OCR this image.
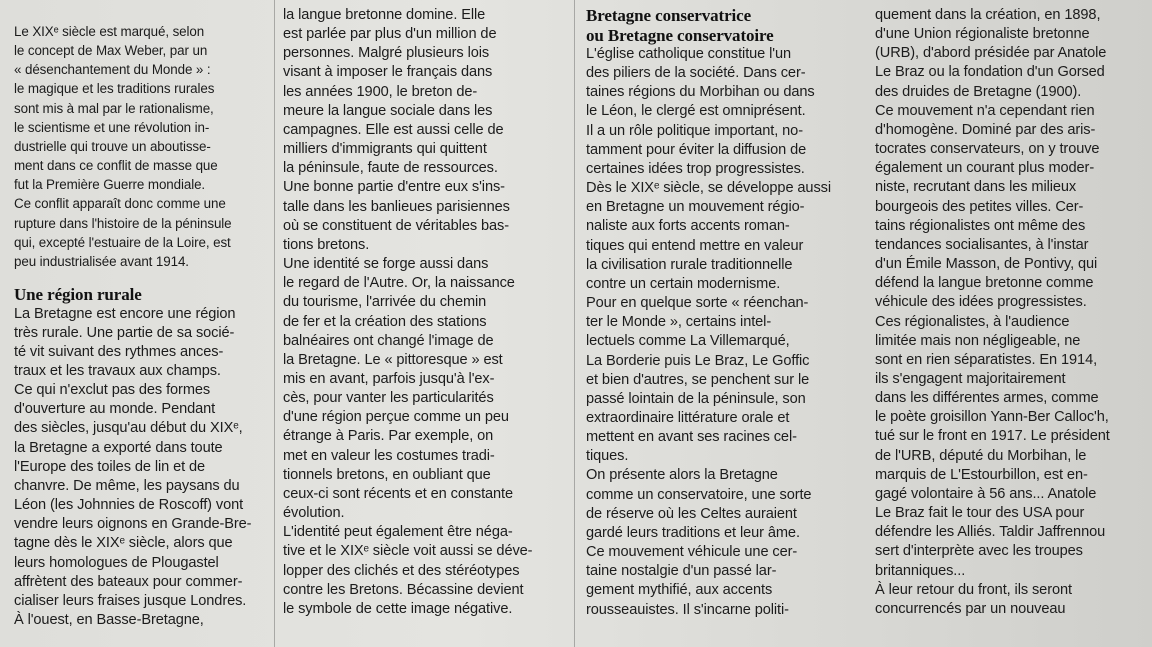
Le XIXᵉ siècle est marqué, selon
le concept de Max Weber, par un
« désenchantement du Monde » :
le magique et les traditions rurales
sont mis à mal par le rationalisme,
le scientisme et une révolution in-
dustrielle qui trouve un aboutisse-
ment dans ce conflit de masse que
fut la Première Guerre mondiale.

Ce conflit apparaît donc comme une
rupture dans l'histoire de la péninsule
qui, excepté l'estuaire de la Loire, est
peu industrialisée avant 1914.

Une région rurale

La Bretagne est encore une région
très rurale. Une partie de sa socié-
té vit suivant des rythmes ances-
traux et les travaux aux champs.
Ce qui n'exclut pas des formes
d'ouverture au monde. Pendant
des siècles, jusqu'au début du XIXᵉ,
la Bretagne a exporté dans toute
l'Europe des toiles de lin et de
chanvre. De même, les paysans du
Léon (les Johnnies de Roscoff) vont
vendre leurs oignons en Grande-Bre-
tagne dès le XIXᵉ siècle, alors que
leurs homologues de Plougastel
affrètent des bateaux pour commer-
cialiser leurs fraises jusque Londres.
À l'ouest, en Basse-Bretagne,

la langue bretonne domine. Elle
est parlée par plus d'un million de
personnes. Malgré plusieurs lois
visant à imposer le français dans
les années 1900, le breton de-
meure la langue sociale dans les
campagnes. Elle est aussi celle de
milliers d'immigrants qui quittent
la péninsule, faute de ressources.
Une bonne partie d'entre eux s'ins-
talle dans les banlieues parisiennes
où se constituent de véritables bas-
tions bretons.

Une identité se forge aussi dans
le regard de l'Autre. Or, la naissance
du tourisme, l'arrivée du chemin
de fer et la création des stations
balnéaires ont changé l'image de
la Bretagne. Le « pittoresque » est
mis en avant, parfois jusqu'à l'ex-
cès, pour vanter les particularités
d'une région perçue comme un peu
étrange à Paris. Par exemple, on
met en valeur les costumes tradi-
tionnels bretons, en oubliant que
ceux-ci sont récents et en constante
évolution.

L'identité peut également être néga-
tive et le XIXᵉ siècle voit aussi se déve-
lopper des clichés et des stéréotypes
contre les Bretons. Bécassine devient
le symbole de cette image négative.

Bretagne conservatrice
ou Bretagne conservatoire

L'église catholique constitue l'un
des piliers de la société. Dans cer-
taines régions du Morbihan ou dans
le Léon, le clergé est omniprésent.
Il a un rôle politique important, no-
tamment pour éviter la diffusion de
certaines idées trop progressistes.

Dès le XIXᵉ siècle, se développe aussi
en Bretagne un mouvement régio-
naliste aux forts accents roman-
tiques qui entend mettre en valeur
la civilisation rurale traditionnelle
contre un certain modernisme.
Pour en quelque sorte « réenchan-
ter le Monde », certains intel-
lectuels comme La Villemarqué,
La Borderie puis Le Braz, Le Goffic
et bien d'autres, se penchent sur le
passé lointain de la péninsule, son
extraordinaire littérature orale et
mettent en avant ses racines cel-
tiques.

On présente alors la Bretagne
comme un conservatoire, une sorte
de réserve où les Celtes auraient
gardé leurs traditions et leur âme.
Ce mouvement véhicule une cer-
taine nostalgie d'un passé lar-
gement mythifié, aux accents
rousseauistes. Il s'incarne politi-

quement dans la création, en 1898,
d'une Union régionaliste bretonne
(URB), d'abord présidée par Anatole
Le Braz ou la fondation d'un Gorsed
des druides de Bretagne (1900).
Ce mouvement n'a cependant rien
d'homogène. Dominé par des aris-
tocrates conservateurs, on y trouve
également un courant plus moder-
niste, recrutant dans les milieux
bourgeois des petites villes. Cer-
tains régionalistes ont même des
tendances socialisantes, à l'instar
d'un Émile Masson, de Pontivy, qui
défend la langue bretonne comme
véhicule des idées progressistes.

Ces régionalistes, à l'audience
limitée mais non négligeable, ne
sont en rien séparatistes. En 1914,
ils s'engagent majoritairement
dans les différentes armes, comme
le poète groisillon Yann-Ber Calloc'h,
tué sur le front en 1917. Le président
de l'URB, député du Morbihan, le
marquis de L'Estourbillon, est en-
gagé volontaire à 56 ans... Anatole
Le Braz fait le tour des USA pour
défendre les Alliés. Taldir Jaffrennou
sert d'interprète avec les troupes
britanniques...

À leur retour du front, ils seront
concurrencés par un nouveau
